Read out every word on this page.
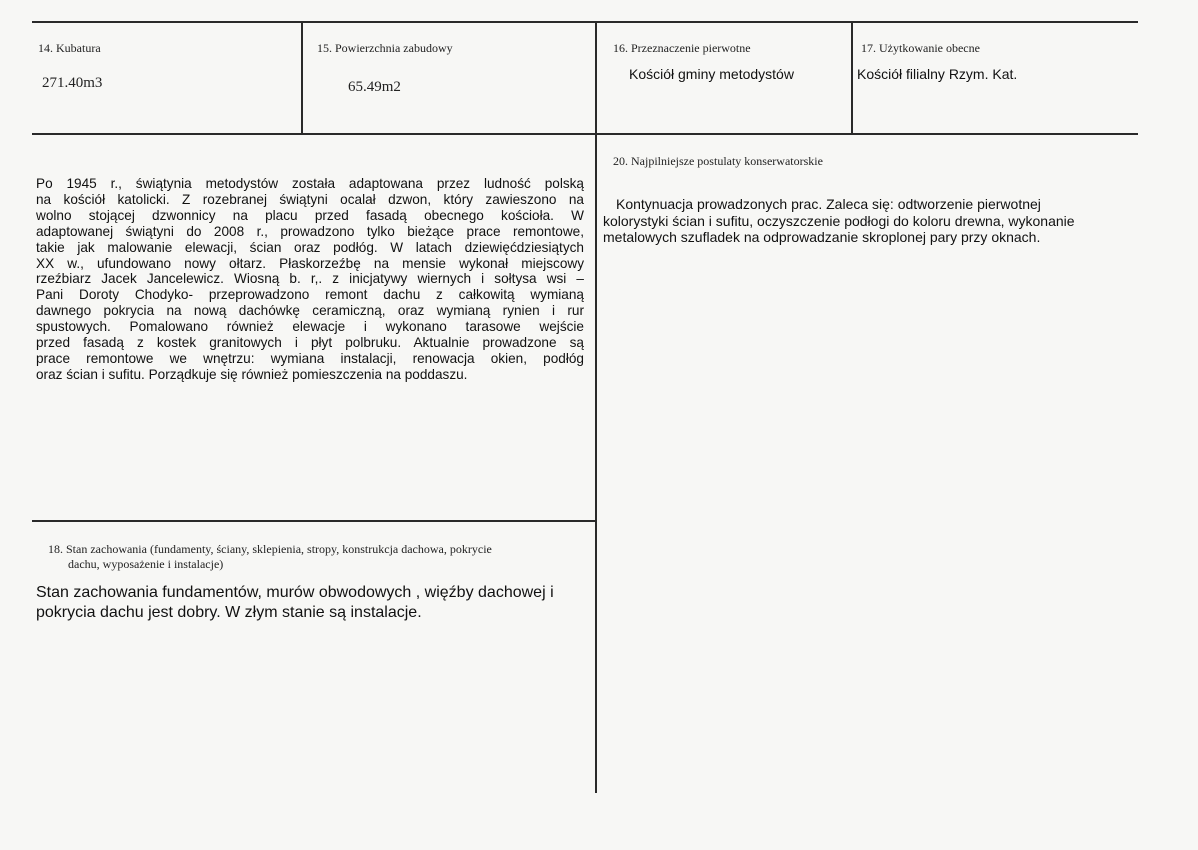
14. Kubatura
271.40m3
15. Powierzchnia zabudowy
65.49m2
16. Przeznaczenie pierwotne
Kościół gminy metodystów
17. Użytkowanie obecne
Kościół filialny Rzym. Kat.
Po 1945 r., świątynia metodystów została adaptowana przez ludność polską
na kościół katolicki. Z rozebranej świątyni ocalał dzwon, który zawieszono na
wolno stojącej dzwonnicy na placu przed fasadą obecnego kościoła. W
adaptowanej świątyni do 2008 r., prowadzono tylko bieżące prace remontowe,
takie jak malowanie elewacji, ścian oraz podłóg. W latach dziewięćdziesiątych
XX w., ufundowano nowy ołtarz. Płaskorzeźbę na mensie wykonał miejscowy
rzeźbiarz Jacek Jancelewicz. Wiosną b. r,. z inicjatywy wiernych i sołtysa wsi –
Pani Doroty Chodyko- przeprowadzono remont dachu z całkowitą wymianą
dawnego pokrycia na nową dachówkę ceramiczną, oraz wymianą rynien i rur
spustowych. Pomalowano również elewacje i wykonano tarasowe wejście
przed fasadą z kostek granitowych i płyt polbruku. Aktualnie prowadzone są
prace remontowe we wnętrzu: wymiana instalacji, renowacja okien, podłóg
oraz ścian i sufitu. Porządkuje się również pomieszczenia na poddaszu.
18. Stan zachowania (fundamenty, ściany, sklepienia, stropy, konstrukcja dachowa, pokrycie
dachu, wyposażenie i instalacje)
Stan zachowania fundamentów, murów obwodowych , więźby dachowej i
pokrycia dachu jest dobry. W złym stanie są instalacje.
20. Najpilniejsze postulaty konserwatorskie
Kontynuacja prowadzonych prac. Zaleca się: odtworzenie pierwotnej
kolorystyki ścian i sufitu, oczyszczenie podłogi do koloru drewna, wykonanie
metalowych szufladek na odprowadzanie skroplonej pary przy oknach.
